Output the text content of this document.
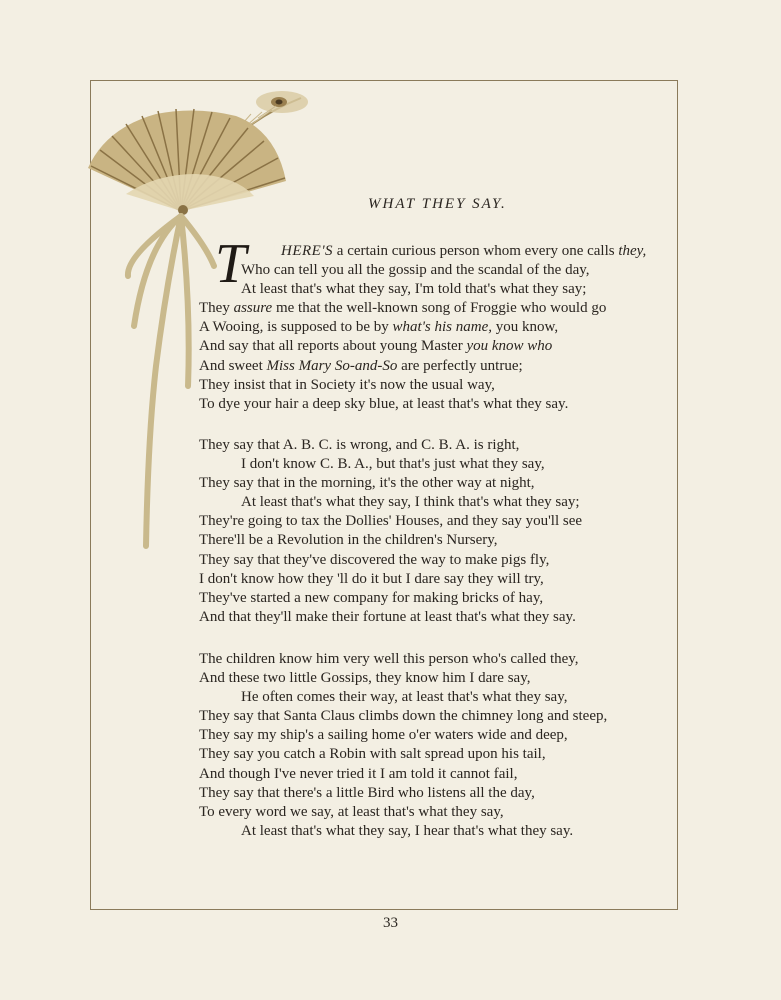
WHAT THEY SAY.
T HERE'S a certain curious person whom every one calls they,
Who can tell you all the gossip and the scandal of the day,
At least that's what they say, I'm told that's what they say;
They assure me that the well-known song of Froggie who would go
A Wooing, is supposed to be by what's his name, you know,
And say that all reports about young Master you know who
And sweet Miss Mary So-and-So are perfectly untrue;
They insist that in Society it's now the usual way,
To dye your hair a deep sky blue, at least that's what they say.
They say that A. B. C. is wrong, and C. B. A. is right,
I don't know C. B. A., but that's just what they say,
They say that in the morning, it's the other way at night,
At least that's what they say, I think that's what they say;
They're going to tax the Dollies' Houses, and they say you'll see
There'll be a Revolution in the children's Nursery,
They say that they've discovered the way to make pigs fly,
I don't know how they 'll do it but I dare say they will try,
They've started a new company for making bricks of hay,
And that they'll make their fortune at least that's what they say.
The children know him very well this person who's called they,
And these two little Gossips, they know him I dare say,
He often comes their way, at least that's what they say,
They say that Santa Claus climbs down the chimney long and steep,
They say my ship's a sailing home o'er waters wide and deep,
They say you catch a Robin with salt spread upon his tail,
And though I've never tried it I am told it cannot fail,
They say that there's a little Bird who listens all the day,
To every word we say, at least that's what they say,
At least that's what they say, I hear that's what they say.
33
